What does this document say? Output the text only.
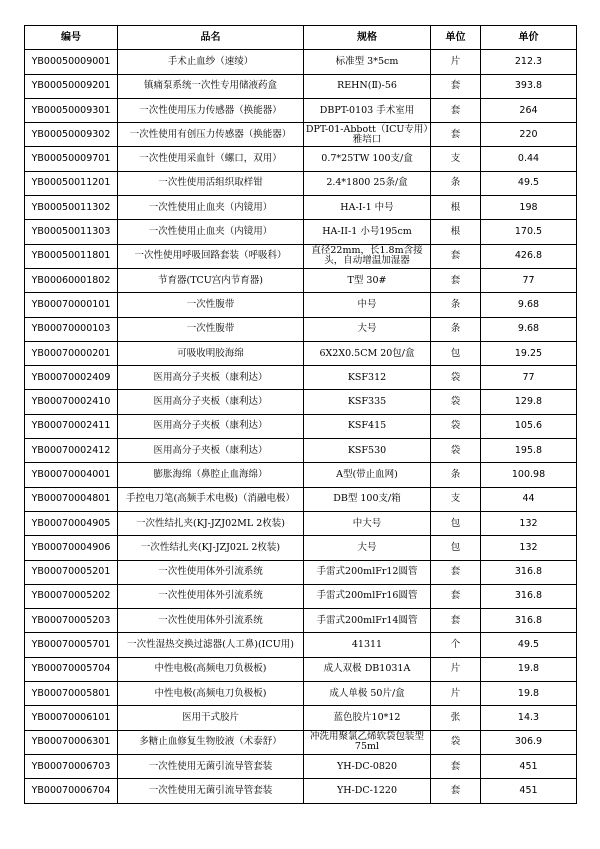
编号	品名	规格	单位	单价
YB00050009001	手术止血纱（速绫）	标准型 3*5cm	片	212.3
YB00050009201	镇痛泵系统一次性专用储液药盒	REHN(Ⅱ)-56	套	393.8
YB00050009301	一次性使用压力传感器（换能器）	DBPT-0103 手术室用	套	264
YB00050009302	一次性使用有创压力传感器（换能器）	DPT-01-Abbott（ICU专用）雅培口	套	220
YB00050009701	一次性使用采血针（螺口，双用）	0.7*25TW 100支/盒	支	0.44
YB00050011201	一次性使用活组织取样钳	2.4*1800 25条/盒	条	49.5
YB00050011302	一次性使用止血夹（内镜用）	HA-I-1 中号	根	198
YB00050011303	一次性使用止血夹（内镜用）	HA-II-1 小号195cm	根	170.5
YB00050011801	一次性使用呼吸回路套装（呼吸科）	直径22mm，长1.8m含接头，自动增温加湿器	套	426.8
YB00060001802	节育器(TCU宫内节育器)	T型 30#	套	77
YB00070000101	一次性腹带	中号	条	9.68
YB00070000103	一次性腹带	大号	条	9.68
YB00070000201	可吸收明胶海绵	6X2X0.5CM 20包/盒	包	19.25
YB00070002409	医用高分子夹板（康利达）	KSF312	袋	77
YB00070002410	医用高分子夹板（康利达）	KSF335	袋	129.8
YB00070002411	医用高分子夹板（康利达）	KSF415	袋	105.6
YB00070002412	医用高分子夹板（康利达）	KSF530	袋	195.8
YB00070004001	膨胀海绵（鼻腔止血海绵）	A型(带止血网)	条	100.98
YB00070004801	手控电刀笔(高频手术电极)（消融电极）	DB型 100支/箱	支	44
YB00070004905	一次性结扎夹(KJ-JZJ02ML 2枚装)	中大号	包	132
YB00070004906	一次性结扎夹(KJ-JZJ02L 2枚装)	大号	包	132
YB00070005201	一次性使用体外引流系统	手雷式200mlFr12圆管	套	316.8
YB00070005202	一次性使用体外引流系统	手雷式200mlFr16圆管	套	316.8
YB00070005203	一次性使用体外引流系统	手雷式200mlFr14圆管	套	316.8
YB00070005701	一次性湿热交换过滤器(人工鼻)(ICU用)	41311	个	49.5
YB00070005704	中性电极(高频电刀负极板)	成人双极 DB1031A	片	19.8
YB00070005801	中性电极(高频电刀负极板)	成人单极 50片/盒	片	19.8
YB00070006101	医用干式胶片	蓝色胶片10*12	张	14.3
YB00070006301	多糖止血修复生物胶液（术泰舒）	冲洗用聚氯乙烯软袋包装型75ml	袋	306.9
YB00070006703	一次性使用无菌引流导管套装	YH-DC-0820	套	451
YB00070006704	一次性使用无菌引流导管套装	YH-DC-1220	套	451
